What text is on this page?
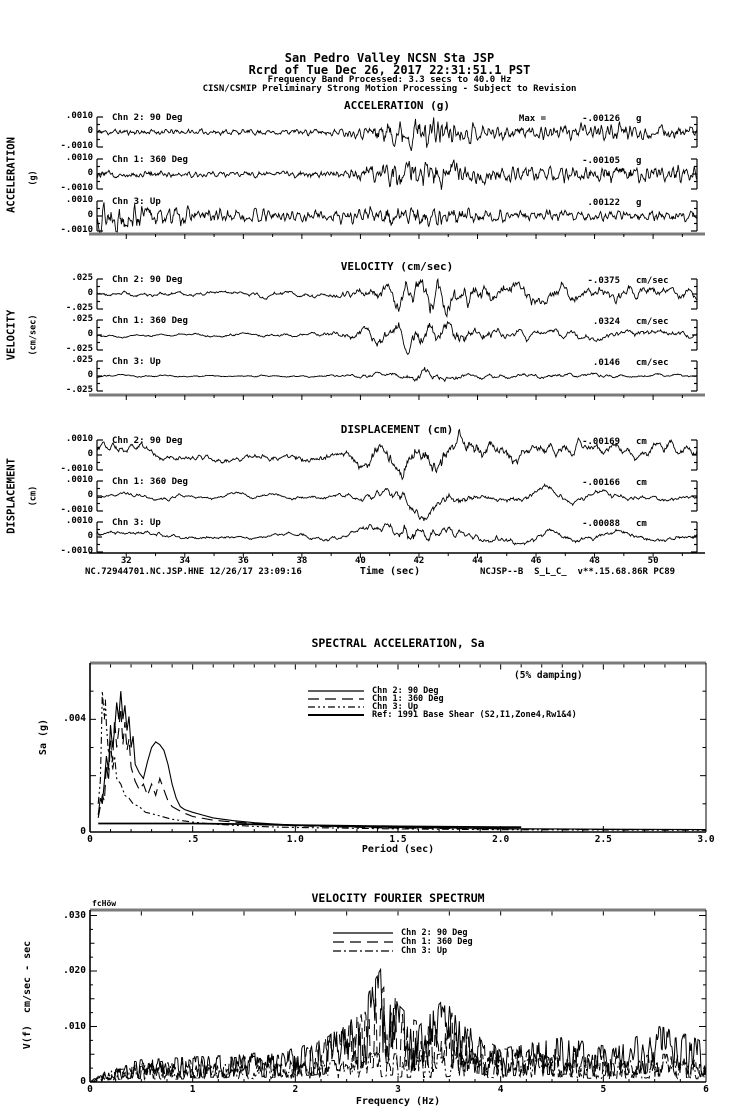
San Pedro Valley NCSN Sta JSP
Rcrd of Tue Dec 26, 2017 22:31:51.1 PST
Frequency Band Processed: 3.3 secs to 40.0 Hz
CISN/CSMIP Preliminary Strong Motion Processing - Subject to Revision
ACCELERATION (g)
VELOCITY (cm/sec)
DISPLACEMENT (cm)
ACCELERATION (g)
VELOCITY (cm/sec)
DISPLACEMENT (cm)
Time (sec)
NC.72944701.NC.JSP.HNE 12/26/17 23:09:16	NCJSP--B  S_L_C_  v**.15.68.86R PC89
SPECTRAL ACCELERATION, Sa
(5% damping)
Sa (g)
Period (sec)
Chn 2: 90 Deg
Chn 1: 360 Deg
Chn 3: Up
Ref: 1991 Base Shear (S2,I1,Zone4,Rw1&4)
VELOCITY FOURIER SPECTRUM
fcHöw
V(f)  cm/sec - sec
Frequency (Hz)
Chn 2: 90 Deg
Chn 1: 360 Deg
Chn 3: Up
Chn 2: 90 Deg
.0010
0
-.0010
Max =	-.00126	g
Chn 1: 360 Deg
.0010
0
-.0010
-.00105	g
Chn 3: Up
.0010
0
-.0010
.00122	g
Chn 2: 90 Deg
.025
0
-.025
-.0375	cm/sec
Chn 1: 360 Deg
.025
0
-.025
.0324	cm/sec
Chn 3: Up
.025
0
-.025
.0146	cm/sec
Chn 2: 90 Deg
.0010
0
-.0010
-.00169	cm
Chn 1: 360 Deg
.0010
0
-.0010
-.00166	cm
Chn 3: Up
.0010
0
-.0010
-.00088	cm
32	34	36	38	40	42	44	46	48	50
.004
0
0	.5	1.0	1.5	2.0	2.5	3.0
.030
.020
.010
0
0	1	2	3	4	5	6
